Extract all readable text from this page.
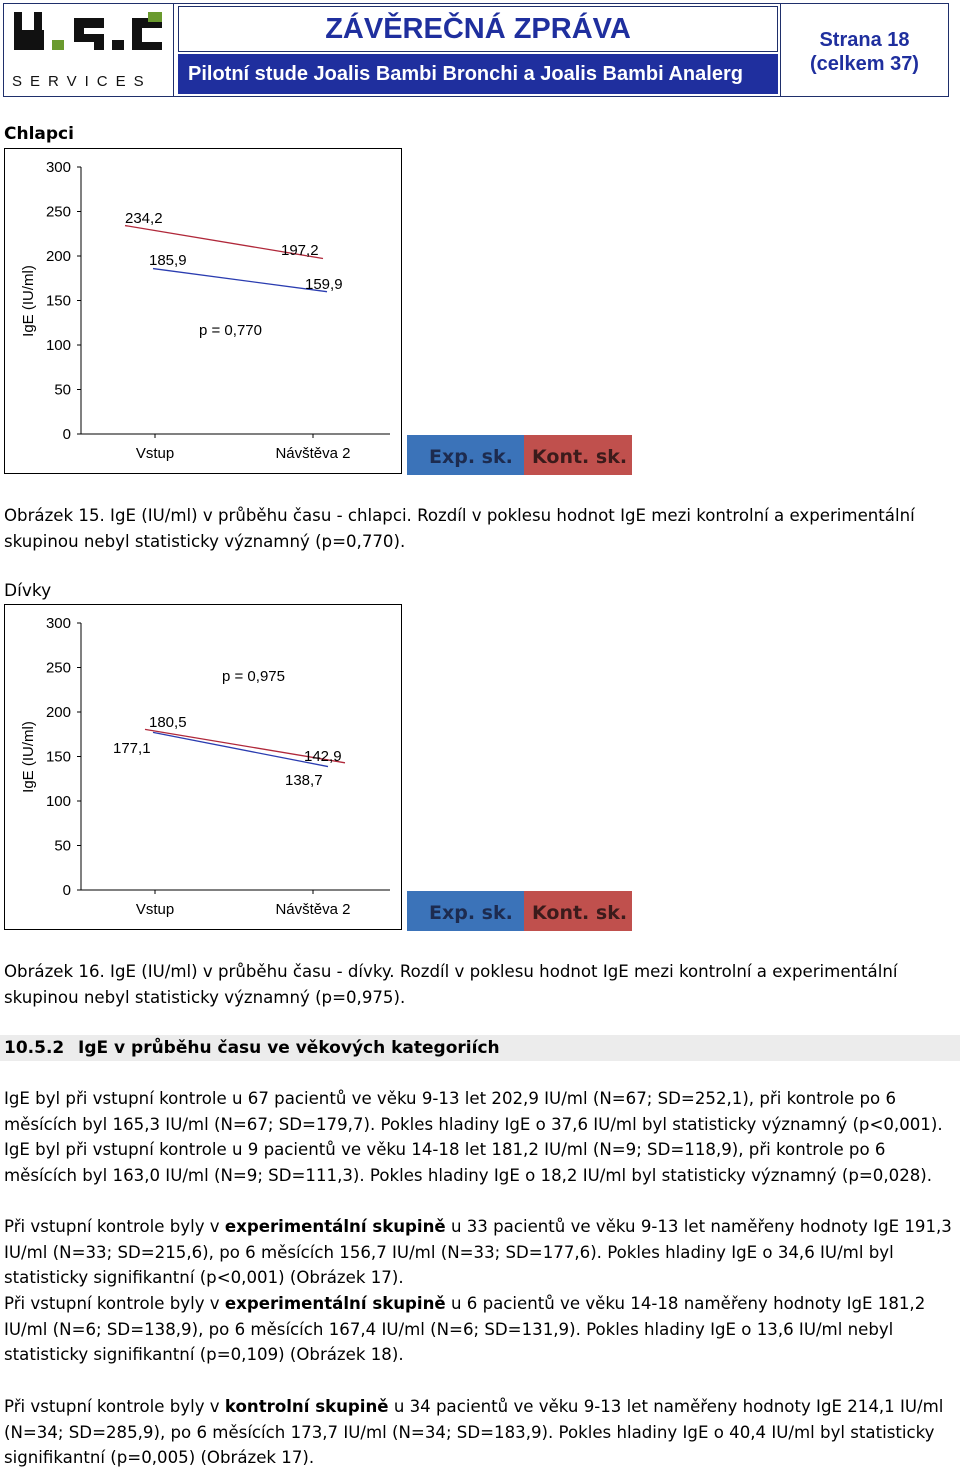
SERVICES
ZÁVĚREČNÁ ZPRÁVA
Pilotní stude Joalis Bambi Bronchi a Joalis Bambi Analerg
Strana 18
(celkem 37)
Chlapci
0
50
100
150
200
250
300
IgE (IU/ml)
Vstup	Návštěva 2
185,9
159,9
234,2
197,2
p = 0,770
Exp. sk.	Kont. sk.
Obrázek 15. IgE (IU/ml) v průběhu času - chlapci. Rozdíl v poklesu hodnot IgE mezi kontrolní a experimentální
skupinou nebyl statisticky významný (p=0,770).
Dívky
0
50
100
150
200
250
300
IgE (IU/ml)
Vstup	Návštěva 2
177,1
138,7
180,5
142,9
p = 0,975
Exp. sk.	Kont. sk.
Obrázek 16. IgE (IU/ml) v průběhu času - dívky. Rozdíl v poklesu hodnot IgE mezi kontrolní a experimentální
skupinou nebyl statisticky významný (p=0,975).
10.5.2 IgE v průběhu času ve věkových kategoriích
IgE byl při vstupní kontrole u 67 pacientů ve věku 9-13 let 202,9 IU/ml (N=67; SD=252,1), při kontrole po 6
měsících byl 165,3 IU/ml (N=67; SD=179,7). Pokles hladiny IgE o 37,6 IU/ml byl statisticky významný (p<0,001).
IgE byl při vstupní kontrole u 9 pacientů ve věku 14-18 let 181,2 IU/ml (N=9; SD=118,9), při kontrole po 6
měsících byl 163,0 IU/ml (N=9; SD=111,3). Pokles hladiny IgE o 18,2 IU/ml byl statisticky významný (p=0,028).
Při vstupní kontrole byly v experimentální skupině u 33 pacientů ve věku 9-13 let naměřeny hodnoty IgE 191,3
IU/ml (N=33; SD=215,6), po 6 měsících 156,7 IU/ml (N=33; SD=177,6). Pokles hladiny IgE o 34,6 IU/ml byl
statisticky signifikantní (p<0,001) (Obrázek 17).
Při vstupní kontrole byly v experimentální skupině u 6 pacientů ve věku 14-18 naměřeny hodnoty IgE 181,2
IU/ml (N=6; SD=138,9), po 6 měsících 167,4 IU/ml (N=6; SD=131,9). Pokles hladiny IgE o 13,6 IU/ml nebyl
statisticky signifikantní (p=0,109) (Obrázek 18).
Při vstupní kontrole byly v kontrolní skupině u 34 pacientů ve věku 9-13 let naměřeny hodnoty IgE 214,1 IU/ml
(N=34; SD=285,9), po 6 měsících 173,7 IU/ml (N=34; SD=183,9). Pokles hladiny IgE o 40,4 IU/ml byl statisticky
signifikantní (p=0,005) (Obrázek 17).
